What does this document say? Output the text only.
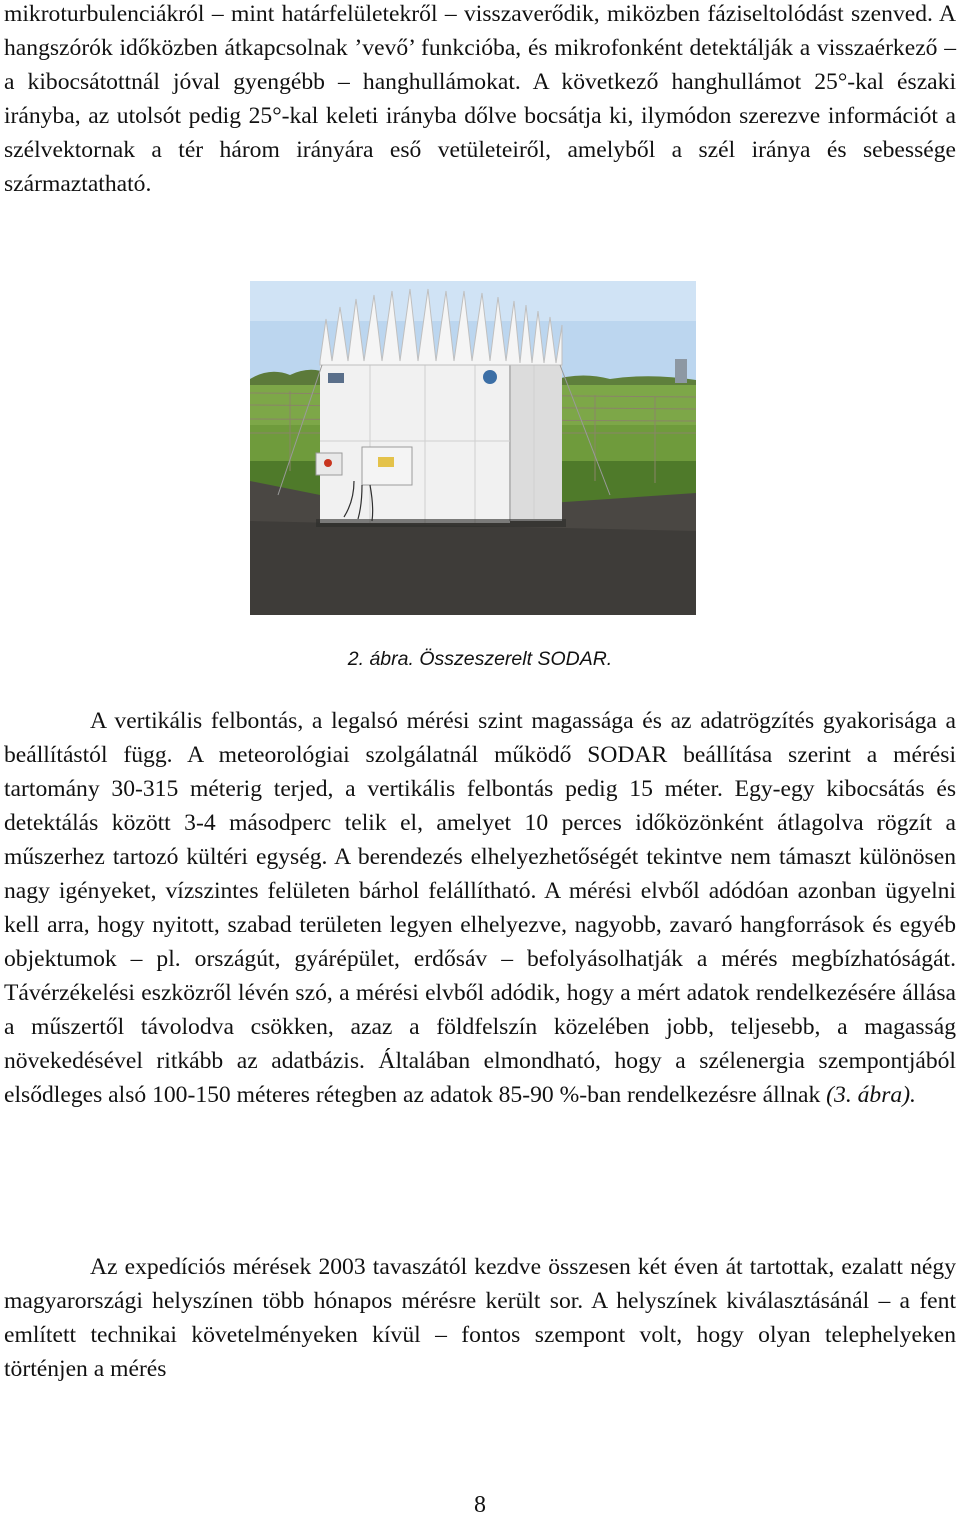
mikroturbulenciákról – mint határfelületekről – visszaverődik, miközben fáziseltolódást szenved. A hangszórók időközben átkapcsolnak ’vevő’ funkcióba, és mikrofonként detektálják a visszaérkező – a kibocsátottnál jóval gyengébb – hanghullámokat. A következő hanghullámot 25°-kal északi irányba, az utolsót pedig 25°-kal keleti irányba dőlve bocsátja ki, ilymódon szerezve információt a szélvektornak a tér három irányára eső vetületeiről, amelyből a szél iránya és sebessége származtatható.

2. ábra. Összeszerelt SODAR.

A vertikális felbontás, a legalsó mérési szint magassága és az adatrögzítés gyakorisága a beállítástól függ. A meteorológiai szolgálatnál működő SODAR beállítása szerint a mérési tartomány 30-315 méterig terjed, a vertikális felbontás pedig 15 méter. Egy-egy kibocsátás és detektálás között 3-4 másodperc telik el, amelyet 10 perces időközönként átlagolva rögzít a műszerhez tartozó kültéri egység. A berendezés elhelyezhetőségét tekintve nem támaszt különösen nagy igényeket, vízszintes felületen bárhol felállítható. A mérési elvből adódóan azonban ügyelni kell arra, hogy nyitott, szabad területen legyen elhelyezve, nagyobb, zavaró hangforrások és egyéb objektumok – pl. országút, gyárépület, erdősáv – befolyásolhatják a mérés megbízhatóságát. Távérzékelési eszközről lévén szó, a mérési elvből adódik, hogy a mért adatok rendelkezésére állása a műszertől távolodva csökken, azaz a földfelszín közelében jobb, teljesebb, a magasság növekedésével ritkább az adatbázis. Általában elmondható, hogy a szélenergia szempontjából elsődleges alsó 100-150 méteres rétegben az adatok 85-90 %-ban rendelkezésre állnak (3. ábra).

Az expedíciós mérések 2003 tavaszától kezdve összesen két éven át tartottak, ezalatt négy magyarországi helyszínen több hónapos mérésre került sor. A helyszínek kiválasztásánál – a fent említett technikai követelményeken kívül – fontos szempont volt, hogy olyan telephelyeken történjen a mérés

8
